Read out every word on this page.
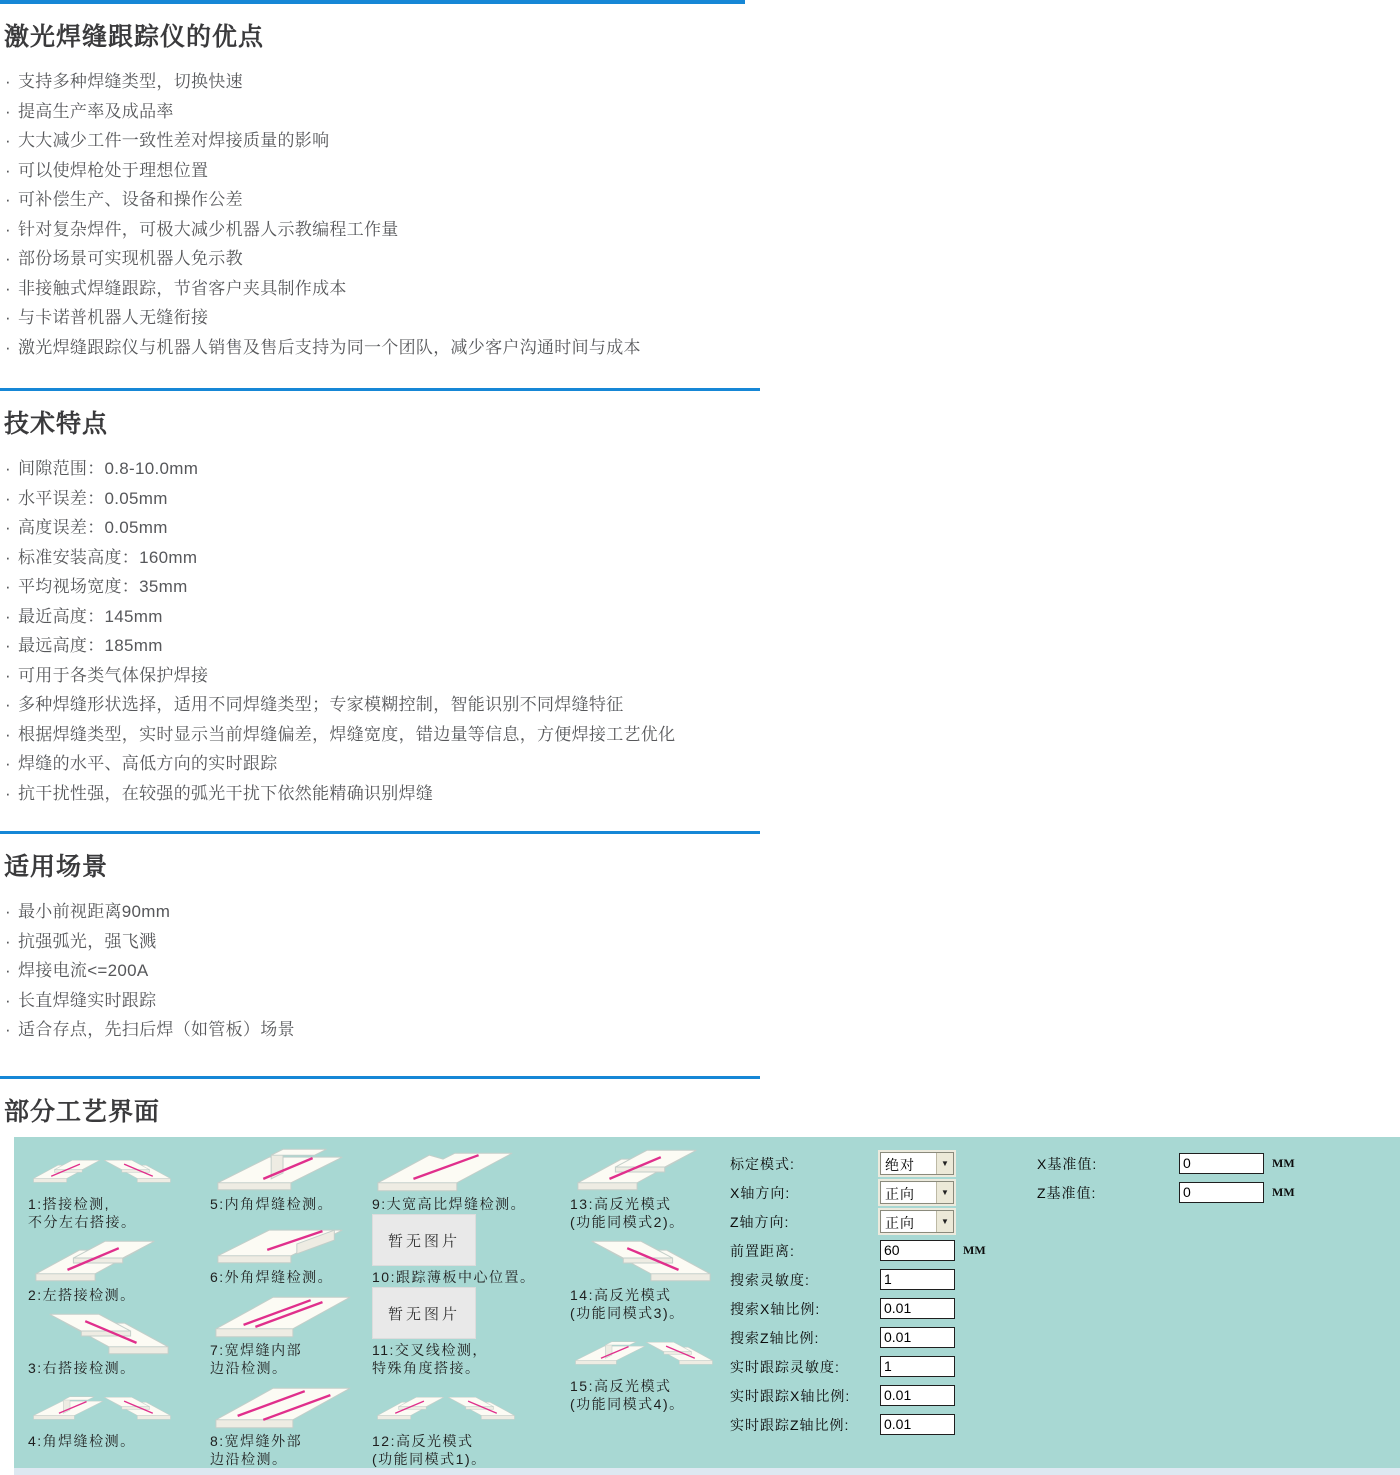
激光焊缝跟踪仪的优点
· 支持多种焊缝类型，切换快速
· 提高生产率及成品率
· 大大减少工件一致性差对焊接质量的影响
· 可以使焊枪处于理想位置
· 可补偿生产、设备和操作公差
· 针对复杂焊件，可极大减少机器人示教编程工作量
· 部份场景可实现机器人免示教
· 非接触式焊缝跟踪，节省客户夹具制作成本
· 与卡诺普机器人无缝衔接
· 激光焊缝跟踪仪与机器人销售及售后支持为同一个团队，减少客户沟通时间与成本
技术特点
· 间隙范围：0.8-10.0mm
· 水平误差：0.05mm
· 高度误差：0.05mm
· 标准安装高度：160mm
· 平均视场宽度：35mm
· 最近高度：145mm
· 最远高度：185mm
· 可用于各类气体保护焊接
· 多种焊缝形状选择，适用不同焊缝类型；专家模糊控制，智能识别不同焊缝特征
· 根据焊缝类型，实时显示当前焊缝偏差，焊缝宽度，错边量等信息，方便焊接工艺优化
· 焊缝的水平、高低方向的实时跟踪
· 抗干扰性强，在较强的弧光干扰下依然能精确识别焊缝
适用场景
· 最小前视距离90mm
· 抗强弧光，强飞溅
· 焊接电流<=200A
· 长直焊缝实时跟踪
· 适合存点，先扫后焊（如管板）场景
部分工艺界面
1:搭接检测,
不分左右搭接。
2:左搭接检测。
3:右搭接检测。
4:角焊缝检测。
5:内角焊缝检测。
6:外角焊缝检测。
7:宽焊缝内部
边沿检测。
8:宽焊缝外部
边沿检测。
9:大宽高比焊缝检测。
暂无图片
10:跟踪薄板中心位置。
暂无图片
11:交叉线检测，
特殊角度搭接。
12:高反光模式
(功能同模式1)。
13:高反光模式
(功能同模式2)。
14:高反光模式
(功能同模式3)。
15:高反光模式
(功能同模式4)。
标定模式:	绝对	▼
X轴方向:	正向	▼
Z轴方向:	正向	▼
前置距离:	60	MM
搜索灵敏度:	1
搜索X轴比例:	0.01
搜索Z轴比例:	0.01
实时跟踪灵敏度:	1
实时跟踪X轴比例:	0.01
实时跟踪Z轴比例:	0.01
X基准值:	0	MM
Z基准值:	0	MM
